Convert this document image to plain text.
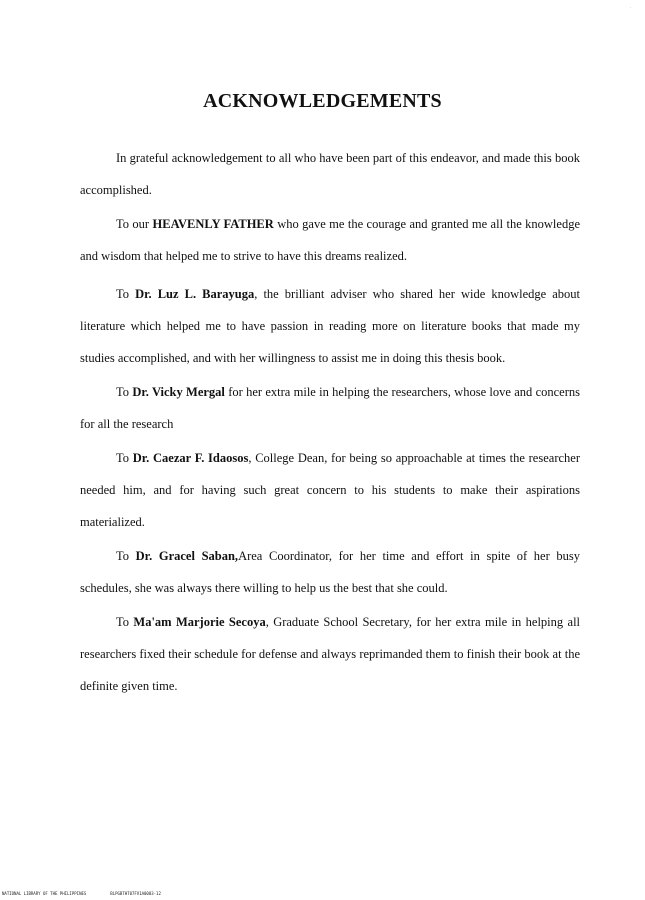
ACKNOWLEDGEMENTS

In grateful acknowledgement to all who have been part of this endeavor, and made this book accomplished.

To our HEAVENLY FATHER who gave me the courage and granted me all the knowledge and wisdom that helped me to strive to have this dreams realized.

To Dr. Luz L. Barayuga, the brilliant adviser who shared her wide knowledge about literature which helped me to have passion in reading more on literature books that made my studies accomplished, and with her willingness to assist me in doing this thesis book.

To Dr. Vicky Mergal for her extra mile in helping the researchers, whose love and concerns for all the research

To Dr. Caezar F. Idaosos, College Dean, for being so approachable at times the researcher needed him, and for having such great concern to his students to make their aspirations materialized.

To Dr. Gracel Saban,Area Coordinator, for her time and effort in spite of her busy schedules, she was always there willing to help us the best that she could.

To Ma'am Marjorie Secoya, Graduate School Secretary, for her extra mile in helping all researchers fixed their schedule for defense and always reprimanded them to finish their book at the definite given time.

'
NATIONAL LIBRARY OF THE PHILIPPINES	BLPGBTHT07FV1A0003-12
